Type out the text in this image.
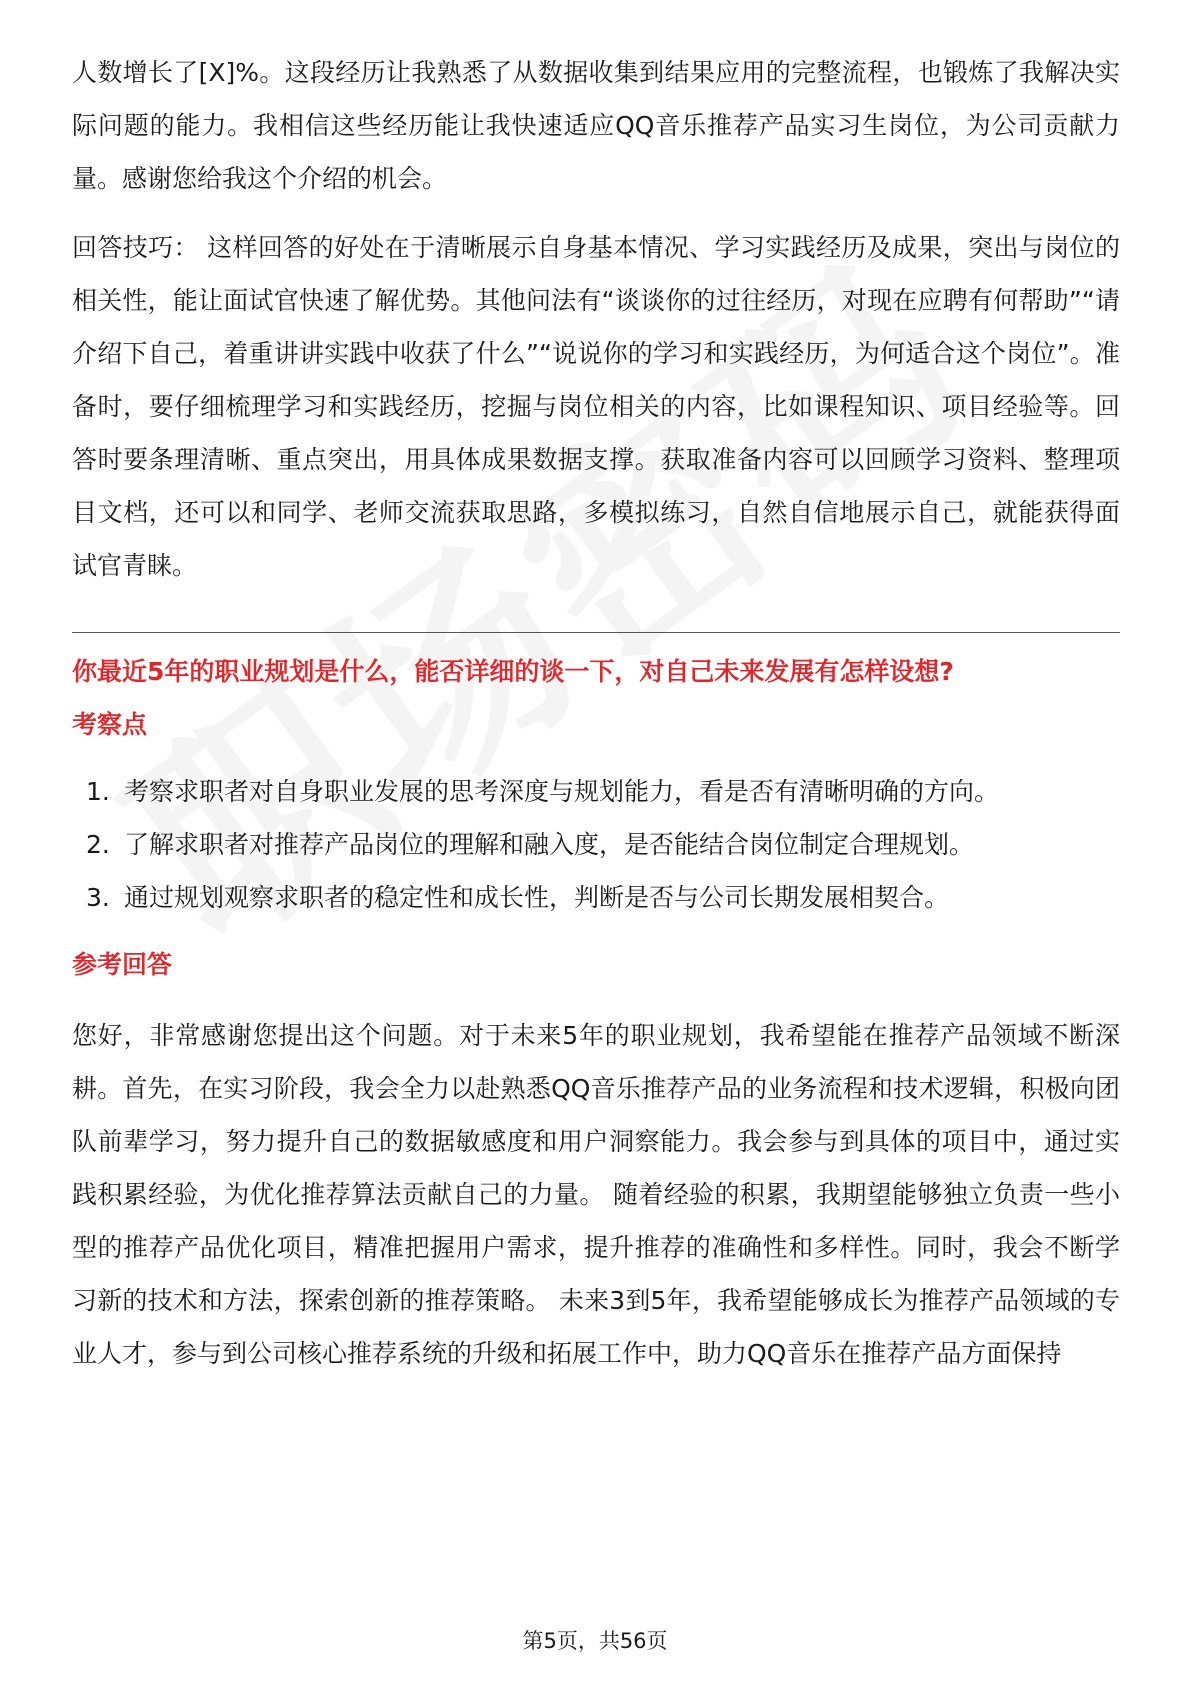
人数增长了[X]%。这段经历让我熟悉了从数据收集到结果应用的完整流程，也锻炼了我解决实际问题的能力。我相信这些经历能让我快速适应QQ音乐推荐产品实习生岗位，为公司贡献力量。感谢您给我这个介绍的机会。

回答技巧： 这样回答的好处在于清晰展示自身基本情况、学习实践经历及成果，突出与岗位的相关性，能让面试官快速了解优势。其他问法有“谈谈你的过往经历，对现在应聘有何帮助”“请介绍下自己，着重讲讲实践中收获了什么”“说说你的学习和实践经历，为何适合这个岗位”。准备时，要仔细梳理学习和实践经历，挖掘与岗位相关的内容，比如课程知识、项目经验等。回答时要条理清晰、重点突出，用具体成果数据支撑。获取准备内容可以回顾学习资料、整理项目文档，还可以和同学、老师交流获取思路，多模拟练习，自然自信地展示自己，就能获得面试官青睐。

你最近5年的职业规划是什么，能否详细的谈一下，对自己未来发展有怎样设想?

考察点

1. 考察求职者对自身职业发展的思考深度与规划能力，看是否有清晰明确的方向。
2. 了解求职者对推荐产品岗位的理解和融入度，是否能结合岗位制定合理规划。
3. 通过规划观察求职者的稳定性和成长性，判断是否与公司长期发展相契合。

参考回答

您好，非常感谢您提出这个问题。对于未来5年的职业规划，我希望能在推荐产品领域不断深耕。首先，在实习阶段，我会全力以赴熟悉QQ音乐推荐产品的业务流程和技术逻辑，积极向团队前辈学习，努力提升自己的数据敏感度和用户洞察能力。我会参与到具体的项目中，通过实践积累经验，为优化推荐算法贡献自己的力量。 随着经验的积累，我期望能够独立负责一些小型的推荐产品优化项目，精准把握用户需求，提升推荐的准确性和多样性。同时，我会不断学习新的技术和方法，探索创新的推荐策略。 未来3到5年，我希望能够成长为推荐产品领域的专业人才，参与到公司核心推荐系统的升级和拓展工作中，助力QQ音乐在推荐产品方面保持

第5页，共56页
